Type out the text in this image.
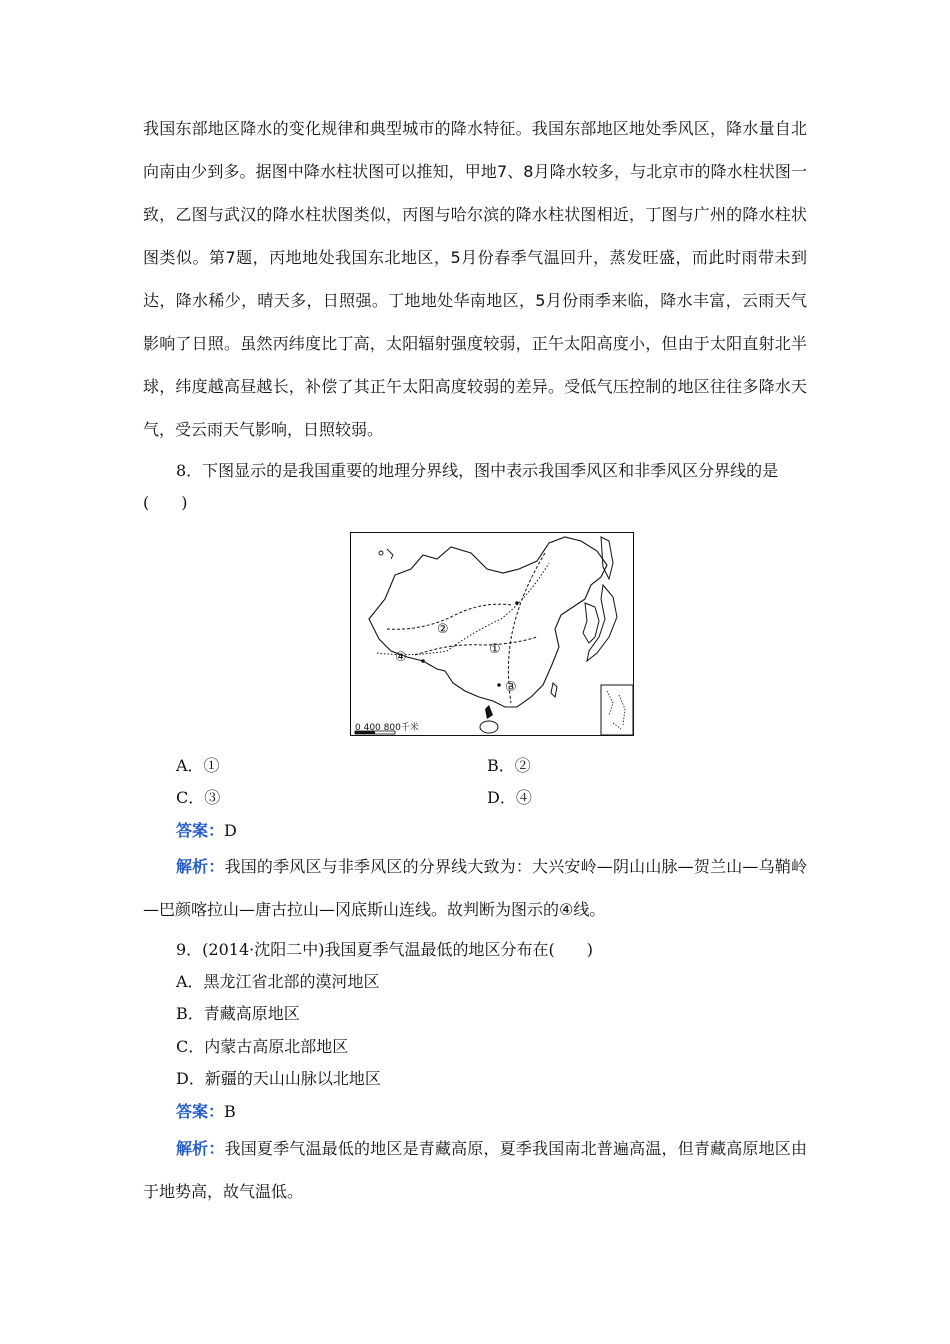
我国东部地区降水的变化规律和典型城市的降水特征。我国东部地区地处季风区，降水量自北向南由少到多。据图中降水柱状图可以推知，甲地7、8月降水较多，与北京市的降水柱状图一致，乙图与武汉的降水柱状图类似，丙图与哈尔滨的降水柱状图相近，丁图与广州的降水柱状图类似。第7题，丙地地处我国东北地区，5月份春季气温回升，蒸发旺盛，而此时雨带未到达，降水稀少，晴天多，日照强。丁地地处华南地区，5月份雨季来临，降水丰富，云雨天气影响了日照。虽然丙纬度比丁高，太阳辐射强度较弱，正午太阳高度小，但由于太阳直射北半球，纬度越高昼越长，补偿了其正午太阳高度较弱的差异。受低气压控制的地区往往多降水天气，受云雨天气影响，日照较弱。

8．下图显示的是我国重要的地理分界线，图中表示我国季风区和非季风区分界线的是
(　　)
②
①
④
③
0 400 800千米
A．①	B．②
C．③	D．④
答案：D

解析：我国的季风区与非季风区的分界线大致为：大兴安岭—阴山山脉—贺兰山—乌鞘岭—巴颜喀拉山—唐古拉山—冈底斯山连线。故判断为图示的④线。

9．(2014·沈阳二中)我国夏季气温最低的地区分布在(　　)
A．黑龙江省北部的漠河地区
B．青藏高原地区
C．内蒙古高原北部地区
D．新疆的天山山脉以北地区
答案：B

解析：我国夏季气温最低的地区是青藏高原，夏季我国南北普遍高温，但青藏高原地区由于地势高，故气温低。
